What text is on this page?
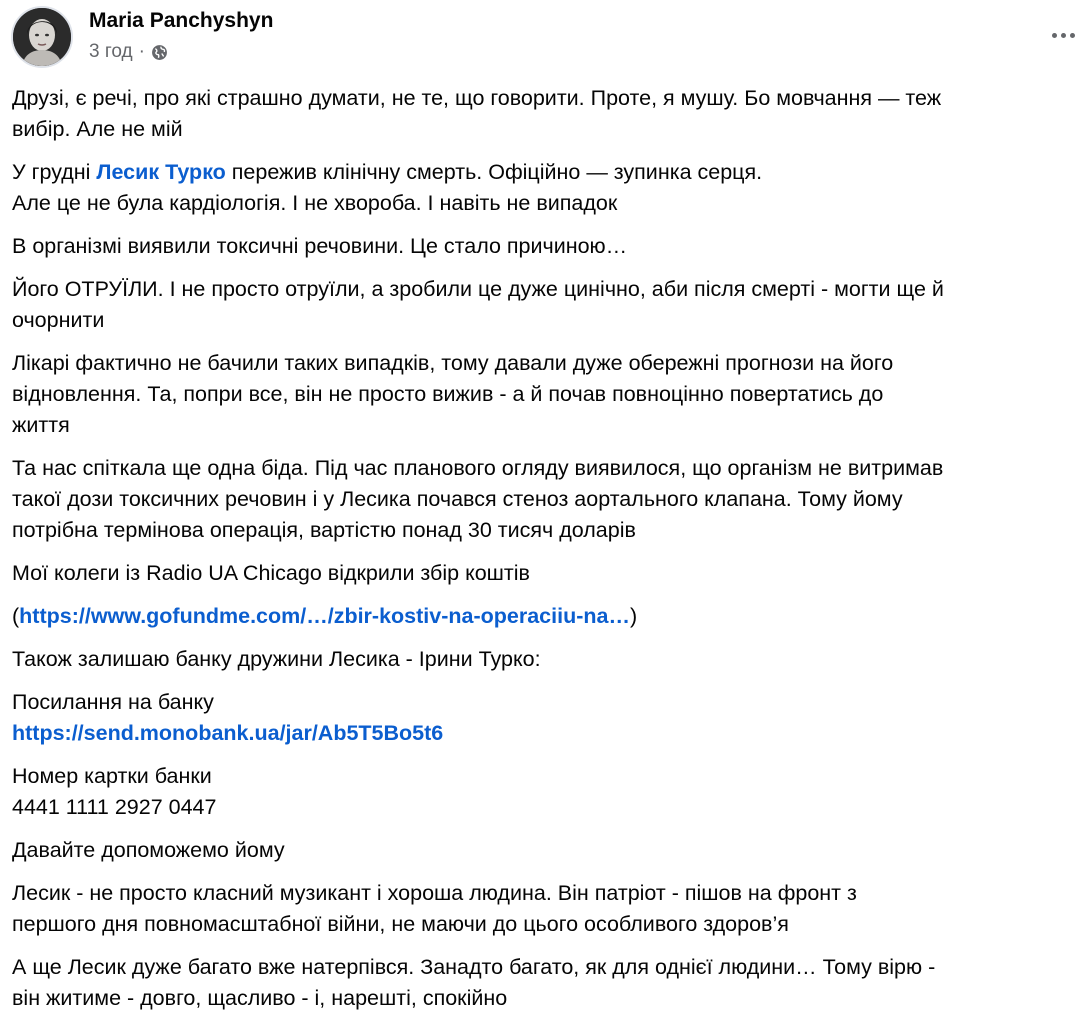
Maria Panchyshyn
3 год ·

Друзі, є речі, про які страшно думати, не те, що говорити. Проте, я мушу. Бо мовчання — теж
вибір. Але не мій

У грудні Лесик Турко пережив клінічну смерть. Офіційно — зупинка серця.
Але це не була кардіологія. І не хвороба. І навіть не випадок

В організмі виявили токсичні речовини. Це стало причиною…

Його ОТРУЇЛИ. І не просто отруїли, а зробили це дуже цинічно, аби після смерті - могти ще й
очорнити

Лікарі фактично не бачили таких випадків, тому давали дуже обережні прогнози на його
відновлення. Та, попри все, він не просто вижив - а й почав повноцінно повертатись до
життя

Та нас спіткала ще одна біда. Під час планового огляду виявилося, що організм не витримав
такої дози токсичних речовин і у Лесика почався стеноз аортального клапана. Тому йому
потрібна термінова операція, вартістю понад 30 тисяч доларів

Мої колеги із Radio UA Chicago відкрили збір коштів

(https://www.gofundme.com/…/zbir-kostiv-na-operaciiu-na…)

Також залишаю банку дружини Лесика - Ірини Турко:

Посилання на банку
https://send.monobank.ua/jar/Ab5T5Bo5t6

Номер картки банки
4441 1111 2927 0447

Давайте допоможемо йому

Лесик - не просто класний музикант і хороша людина. Він патріот - пішов на фронт з
першого дня повномасштабної війни, не маючи до цього особливого здоров’я

А ще Лесик дуже багато вже натерпівся. Занадто багато, як для однієї людини… Тому вірю -
він житиме - довго, щасливо - і, нарешті, спокійно
